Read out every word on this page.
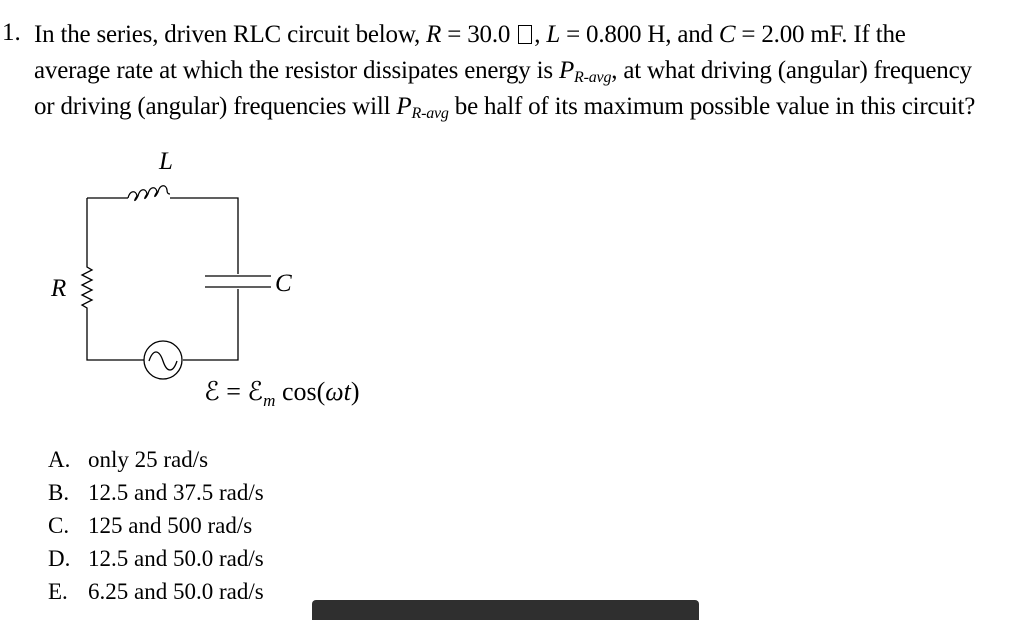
1. In the series, driven RLC circuit below, R = 30.0 , L = 0.800 H, and C = 2.00 mF. If the
average rate at which the resistor dissipates energy is $P_{R-avg}$, at what driving (angular) frequency
or driving (angular) frequencies will $P_{R-avg}$ be half of its maximum possible value in this circuit?
L
R	C
ℰ = ℰ$_m$ cos(ωt)
A. only 25 rad/s
B. 12.5 and 37.5 rad/s
C. 125 and 500 rad/s
D. 12.5 and 50.0 rad/s
E. 6.25 and 50.0 rad/s
